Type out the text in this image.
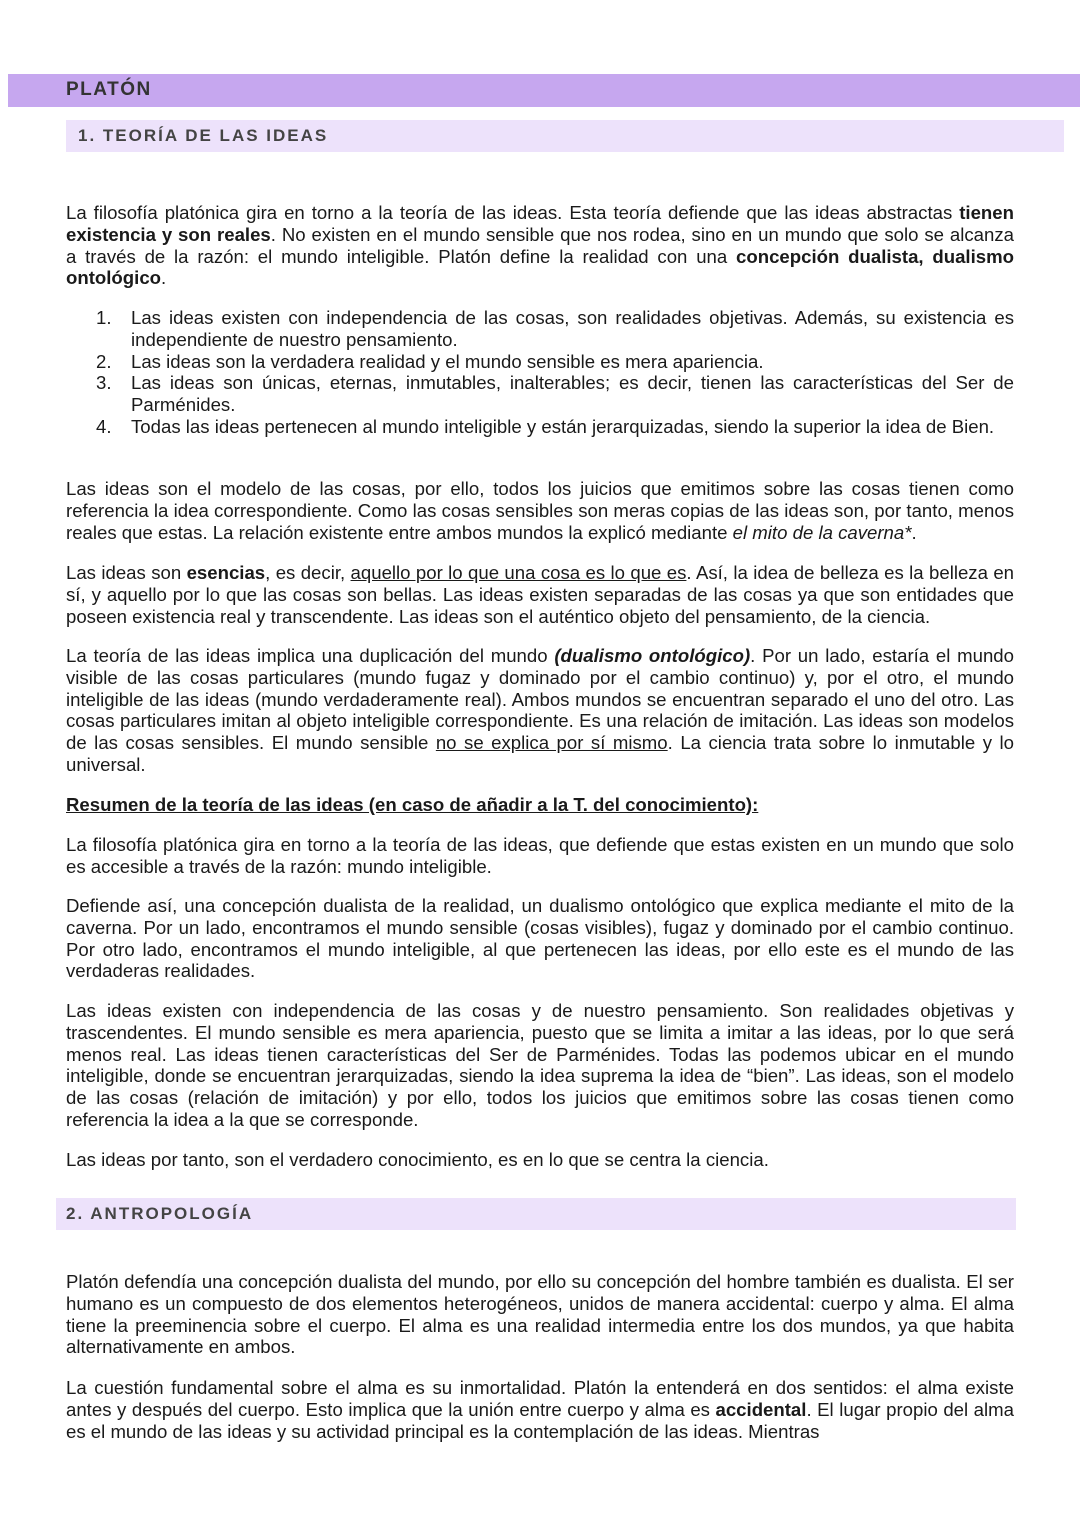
PLATÓN
1. TEORÍA DE LAS IDEAS

La filosofía platónica gira en torno a la teoría de las ideas. Esta teoría defiende que las ideas abstractas tienen existencia y son reales. No existen en el mundo sensible que nos rodea, sino en un mundo que solo se alcanza a través de la razón: el mundo inteligible. Platón define la realidad con una concepción dualista, dualismo ontológico.

1. Las ideas existen con independencia de las cosas, son realidades objetivas. Además, su existencia es independiente de nuestro pensamiento.
2. Las ideas son la verdadera realidad y el mundo sensible es mera apariencia.
3. Las ideas son únicas, eternas, inmutables, inalterables; es decir, tienen las características del Ser de Parménides.
4. Todas las ideas pertenecen al mundo inteligible y están jerarquizadas, siendo la superior la idea de Bien.

Las ideas son el modelo de las cosas, por ello, todos los juicios que emitimos sobre las cosas tienen como referencia la idea correspondiente. Como las cosas sensibles son meras copias de las ideas son, por tanto, menos reales que estas. La relación existente entre ambos mundos la explicó mediante el mito de la caverna*.

Las ideas son esencias, es decir, aquello por lo que una cosa es lo que es. Así, la idea de belleza es la belleza en sí, y aquello por lo que las cosas son bellas. Las ideas existen separadas de las cosas ya que son entidades que poseen existencia real y transcendente. Las ideas son el auténtico objeto del pensamiento, de la ciencia.

La teoría de las ideas implica una duplicación del mundo (dualismo ontológico). Por un lado, estaría el mundo visible de las cosas particulares (mundo fugaz y dominado por el cambio continuo) y, por el otro, el mundo inteligible de las ideas (mundo verdaderamente real). Ambos mundos se encuentran separado el uno del otro. Las cosas particulares imitan al objeto inteligible correspondiente. Es una relación de imitación. Las ideas son modelos de las cosas sensibles. El mundo sensible no se explica por sí mismo. La ciencia trata sobre lo inmutable y lo universal.

Resumen de la teoría de las ideas (en caso de añadir a la T. del conocimiento):

La filosofía platónica gira en torno a la teoría de las ideas, que defiende que estas existen en un mundo que solo es accesible a través de la razón: mundo inteligible.

Defiende así, una concepción dualista de la realidad, un dualismo ontológico que explica mediante el mito de la caverna. Por un lado, encontramos el mundo sensible (cosas visibles), fugaz y dominado por el cambio continuo. Por otro lado, encontramos el mundo inteligible, al que pertenecen las ideas, por ello este es el mundo de las verdaderas realidades.

Las ideas existen con independencia de las cosas y de nuestro pensamiento. Son realidades objetivas y trascendentes. El mundo sensible es mera apariencia, puesto que se limita a imitar a las ideas, por lo que será menos real. Las ideas tienen características del Ser de Parménides. Todas las podemos ubicar en el mundo inteligible, donde se encuentran jerarquizadas, siendo la idea suprema la idea de “bien”. Las ideas, son el modelo de las cosas (relación de imitación) y por ello, todos los juicios que emitimos sobre las cosas tienen como referencia la idea a la que se corresponde.

Las ideas por tanto, son el verdadero conocimiento, es en lo que se centra la ciencia.

2. ANTROPOLOGÍA

Platón defendía una concepción dualista del mundo, por ello su concepción del hombre también es dualista. El ser humano es un compuesto de dos elementos heterogéneos, unidos de manera accidental: cuerpo y alma. El alma tiene la preeminencia sobre el cuerpo. El alma es una realidad intermedia entre los dos mundos, ya que habita alternativamente en ambos.

La cuestión fundamental sobre el alma es su inmortalidad. Platón la entenderá en dos sentidos: el alma existe antes y después del cuerpo. Esto implica que la unión entre cuerpo y alma es accidental. El lugar propio del alma es el mundo de las ideas y su actividad principal es la contemplación de las ideas. Mientras
